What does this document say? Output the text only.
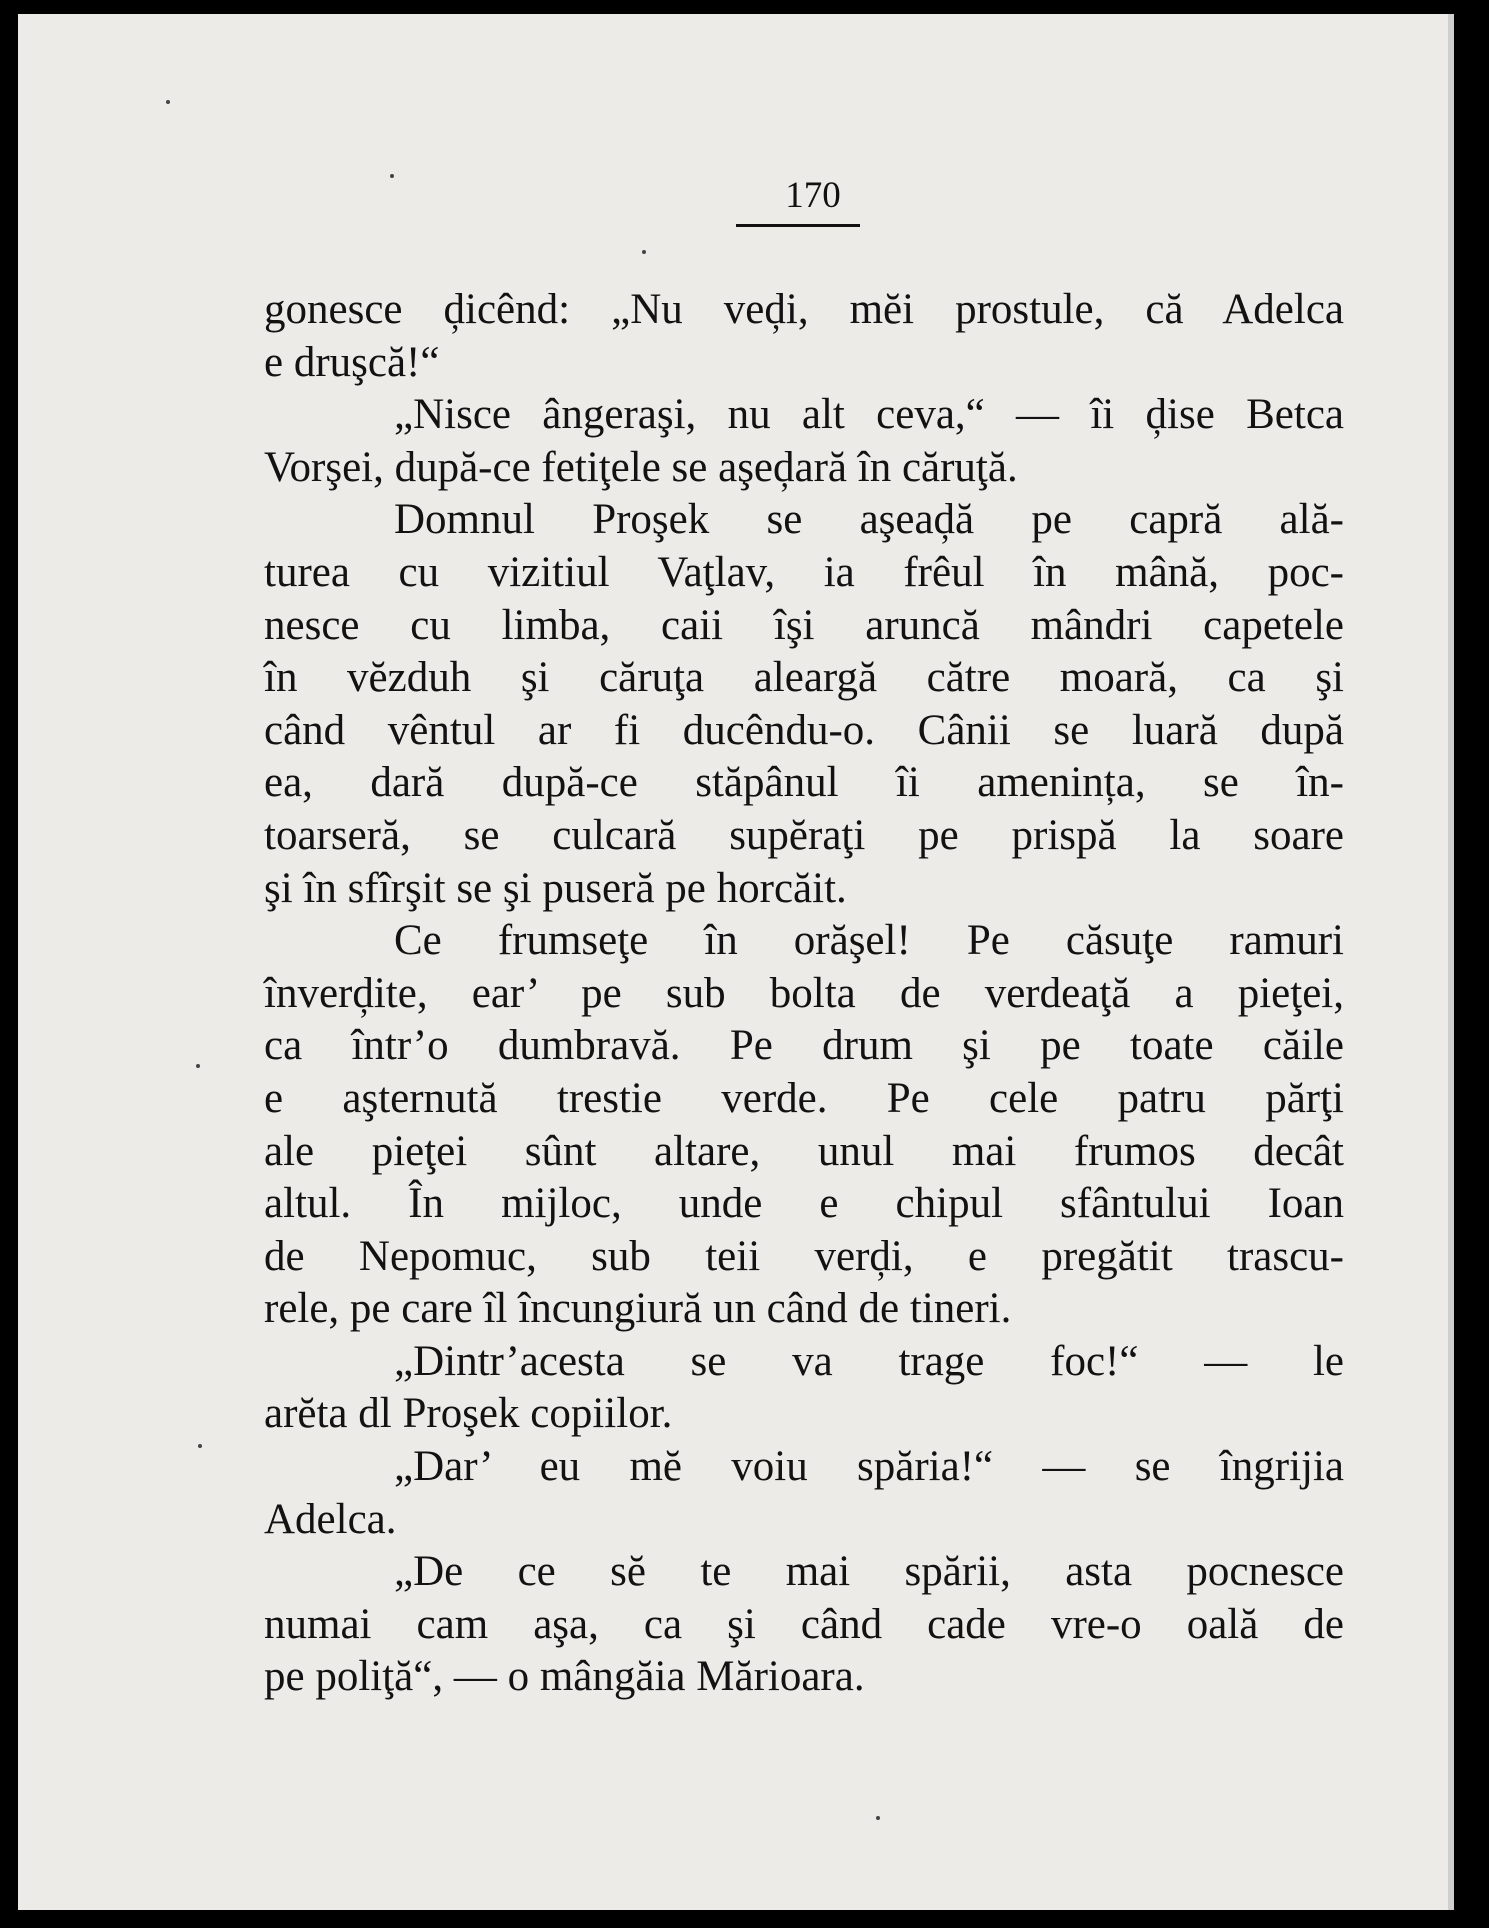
170
gonesce ḑicênd: „Nu veḑi, mĕi prostule, că Adelca
e druşcă!“
„Nisce ângeraşi, nu alt ceva,“ — îi ḑise Betca
Vorşei, după-ce fetiţele se aşeḑară în căruţă.
Domnul Proşek se aşeaḑă pe capră ală-
turea cu vizitiul Vaţlav, ia frêul în mână, poc-
nesce cu limba, caii îşi aruncă mândri capetele
în vĕzduh şi căruţa aleargă către moară, ca şi
când vêntul ar fi ducêndu-o. Cânii se luară după
ea, dară după-ce stăpânul îi amenința, se în-
toarseră, se culcară supĕraţi pe prispă la soare
şi în sfîrşit se şi puseră pe horcăit.
Ce frumseţe în orăşel! Pe căsuţe ramuri
înverḑite, ear’ pe sub bolta de verdeaţă a pieţei,
ca într’o dumbravă. Pe drum şi pe toate căile
e aşternută trestie verde. Pe cele patru părţi
ale pieţei sûnt altare, unul mai frumos decât
altul. În mijloc, unde e chipul sfântului Ioan
de Nepomuc, sub teii verḑi, e pregătit trascu-
rele, pe care îl încungiură un când de tineri.
„Dintr’acesta se va trage foc!“ — le
arĕta dl Proşek copiilor.
„Dar’ eu mĕ voiu spăria!“ — se îngrijia
Adelca.
„De ce sĕ te mai spării, asta pocnesce
numai cam aşa, ca şi când cade vre-o oală de
pe poliţă“, — o mângăia Mărioara.
